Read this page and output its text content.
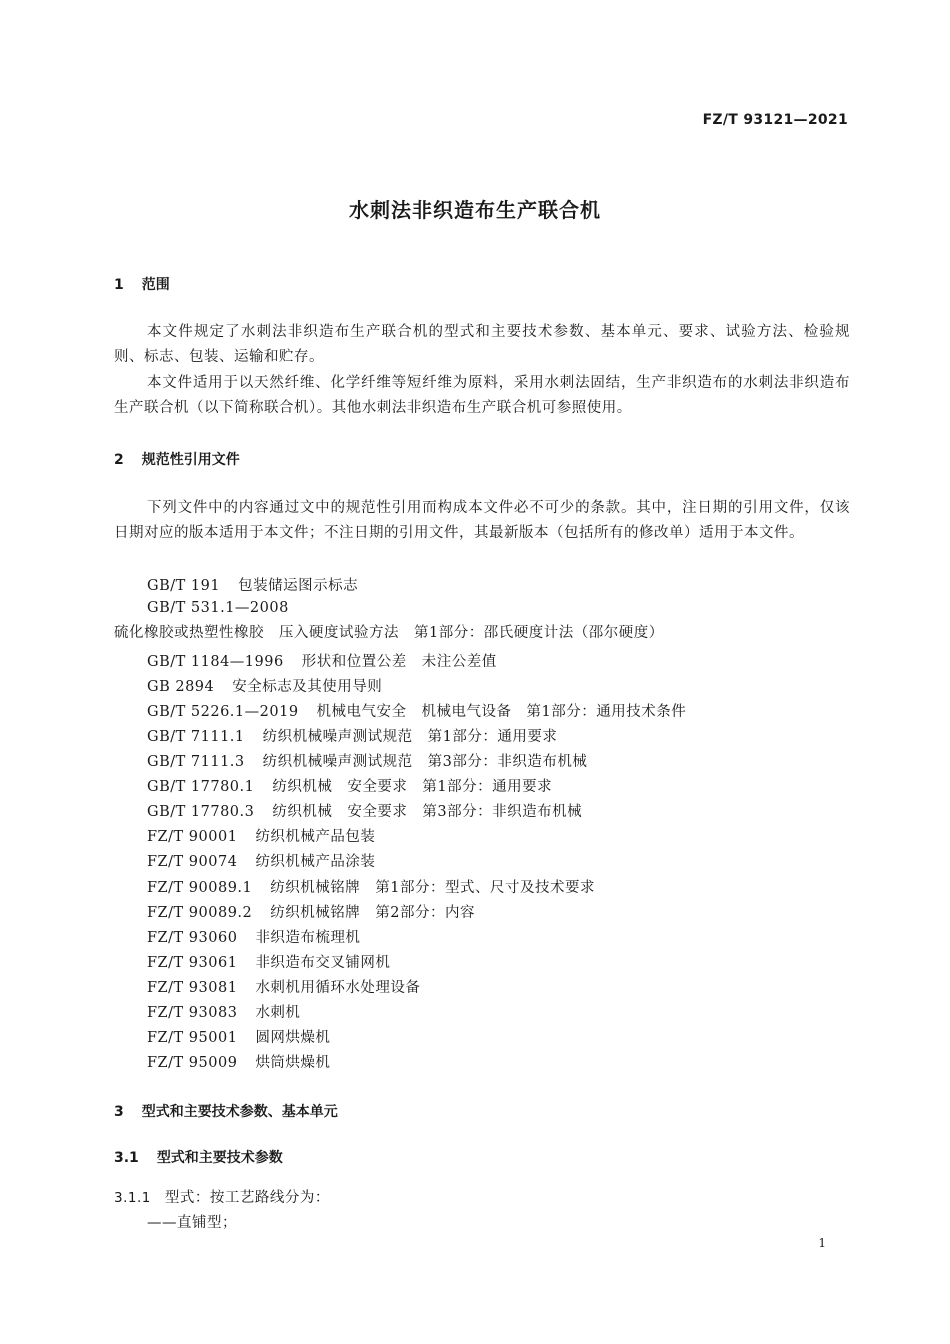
FZ/T 93121—2021
水刺法非织造布生产联合机
1 范围
本文件规定了水刺法非织造布生产联合机的型式和主要技术参数、基本单元、要求、试验方法、检验规则、标志、包装、运输和贮存。
本文件适用于以天然纤维、化学纤维等短纤维为原料，采用水刺法固结，生产非织造布的水刺法非织造布生产联合机（以下简称联合机）。其他水刺法非织造布生产联合机可参照使用。
2 规范性引用文件
下列文件中的内容通过文中的规范性引用而构成本文件必不可少的条款。其中，注日期的引用文件，仅该日期对应的版本适用于本文件；不注日期的引用文件，其最新版本（包括所有的修改单）适用于本文件。
GB/T 191 包装储运图示标志
GB/T 531.1—2008硫化橡胶或热塑性橡胶　压入硬度试验方法　第1部分：邵氏硬度计法（邵尔硬度）
GB/T 1184—1996 形状和位置公差　未注公差值
GB 2894 安全标志及其使用导则
GB/T 5226.1—2019 机械电气安全　机械电气设备　第1部分：通用技术条件
GB/T 7111.1 纺织机械噪声测试规范　第1部分：通用要求
GB/T 7111.3 纺织机械噪声测试规范　第3部分：非织造布机械
GB/T 17780.1 纺织机械　安全要求　第1部分：通用要求
GB/T 17780.3 纺织机械　安全要求　第3部分：非织造布机械
FZ/T 90001 纺织机械产品包装
FZ/T 90074 纺织机械产品涂装
FZ/T 90089.1 纺织机械铭牌　第1部分：型式、尺寸及技术要求
FZ/T 90089.2 纺织机械铭牌　第2部分：内容
FZ/T 93060 非织造布梳理机
FZ/T 93061 非织造布交叉铺网机
FZ/T 93081 水刺机用循环水处理设备
FZ/T 93083 水刺机
FZ/T 95001 圆网烘燥机
FZ/T 95009 烘筒烘燥机
3 型式和主要技术参数、基本单元
3.1 型式和主要技术参数
3.1.1 型式：按工艺路线分为：
——直铺型；
1
